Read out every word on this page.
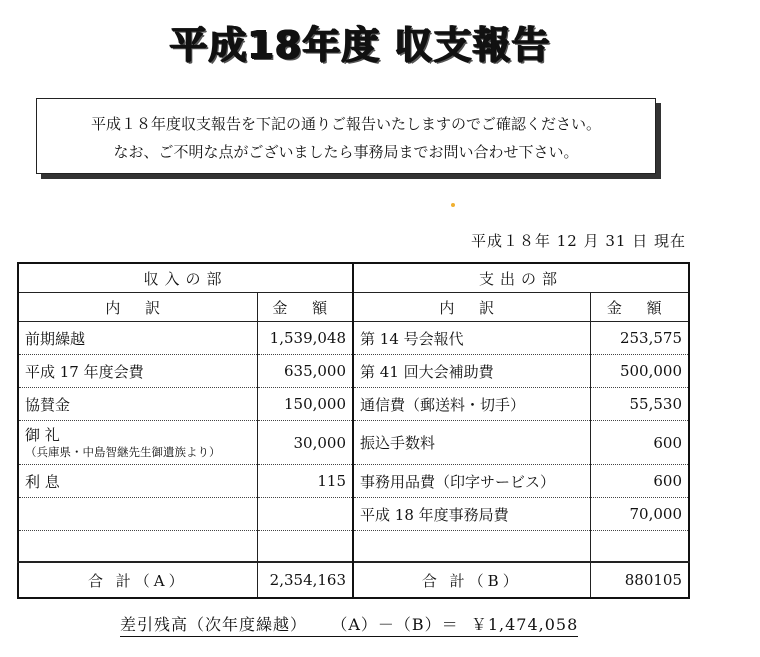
平成18年度 収支報告
平成１８年度収支報告を下記の通りご報告いたしますのでご確認ください。
なお、ご不明な点がございましたら事務局までお問い合わせ下さい。
平成１８年 12 月 31 日 現在
収入の部		支出の部	
内 訳	金 額	内 訳	金 額
前期繰越	1,539,048	第 14 号会報代	253,575
平成 17 年度会費	635,000	第 41 回大会補助費	500,000
協賛金	150,000	通信費（郵送料・切手）	55,530
御 礼
（兵庫県・中島智継先生御遺族より）	30,000	振込手数料	600
利 息	115	事務用品費（印字サービス）	600
		平成 18 年度事務局費	70,000

合 計（A）	2,354,163	合 計（B）	880105
差引残高（次年度繰越） （A）－（B）＝ ￥1,474,058
